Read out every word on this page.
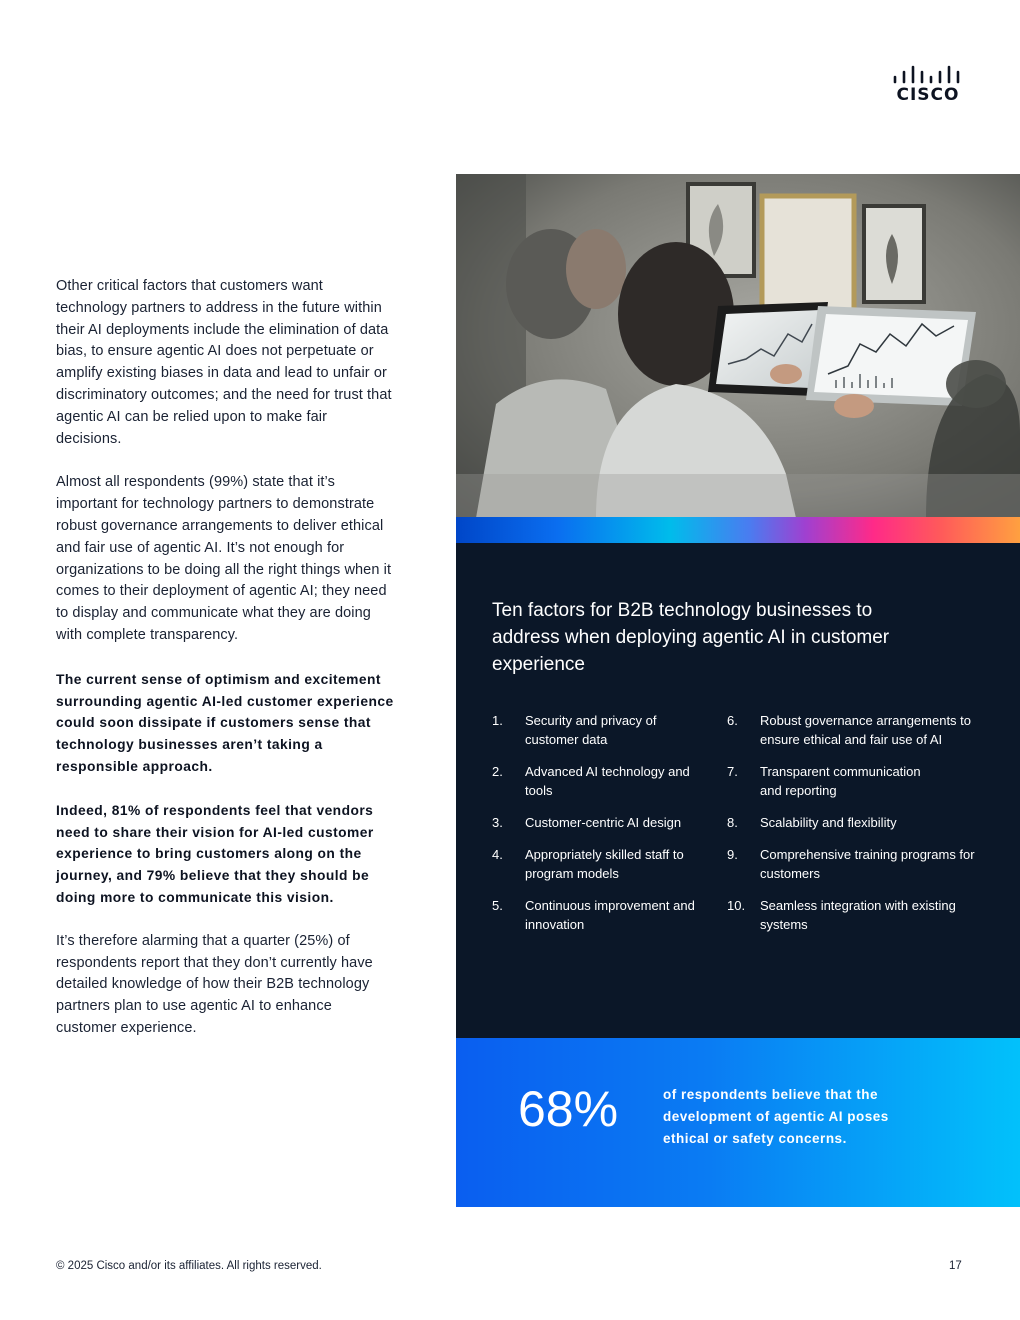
CISCO

Other critical factors that customers want technology partners to address in the future within their AI deployments include the elimination of data bias, to ensure agentic AI does not perpetuate or amplify existing biases in data and lead to unfair or discriminatory outcomes; and the need for trust that agentic AI can be relied upon to make fair decisions.

Almost all respondents (99%) state that it’s important for technology partners to demonstrate robust governance arrangements to deliver ethical and fair use of agentic AI. It’s not enough for organizations to be doing all the right things when it comes to their deployment of agentic AI; they need to display and communicate what they are doing with complete transparency.

The current sense of optimism and excitement surrounding agentic AI-led customer experience could soon dissipate if customers sense that technology businesses aren’t taking a responsible approach.

Indeed, 81% of respondents feel that vendors need to share their vision for AI-led customer experience to bring customers along on the journey, and 79% believe that they should be doing more to communicate this vision.

It’s therefore alarming that a quarter (25%) of respondents report that they don’t currently have detailed knowledge of how their B2B technology partners plan to use agentic AI to enhance customer experience.

Ten factors for B2B technology businesses to address when deploying agentic AI in customer experience
1. Security and privacy of customer data
2. Advanced AI technology and tools
3. Customer-centric AI design
4. Appropriately skilled staff to program models
5. Continuous improvement and innovation
6. Robust governance arrangements to ensure ethical and fair use of AI
7. Transparent communication and reporting
8. Scalability and flexibility
9. Comprehensive training programs for customers
10. Seamless integration with existing systems
68%	of respondents believe that the development of agentic AI poses ethical or safety concerns.
© 2025 Cisco and/or its affiliates. All rights reserved.	17
